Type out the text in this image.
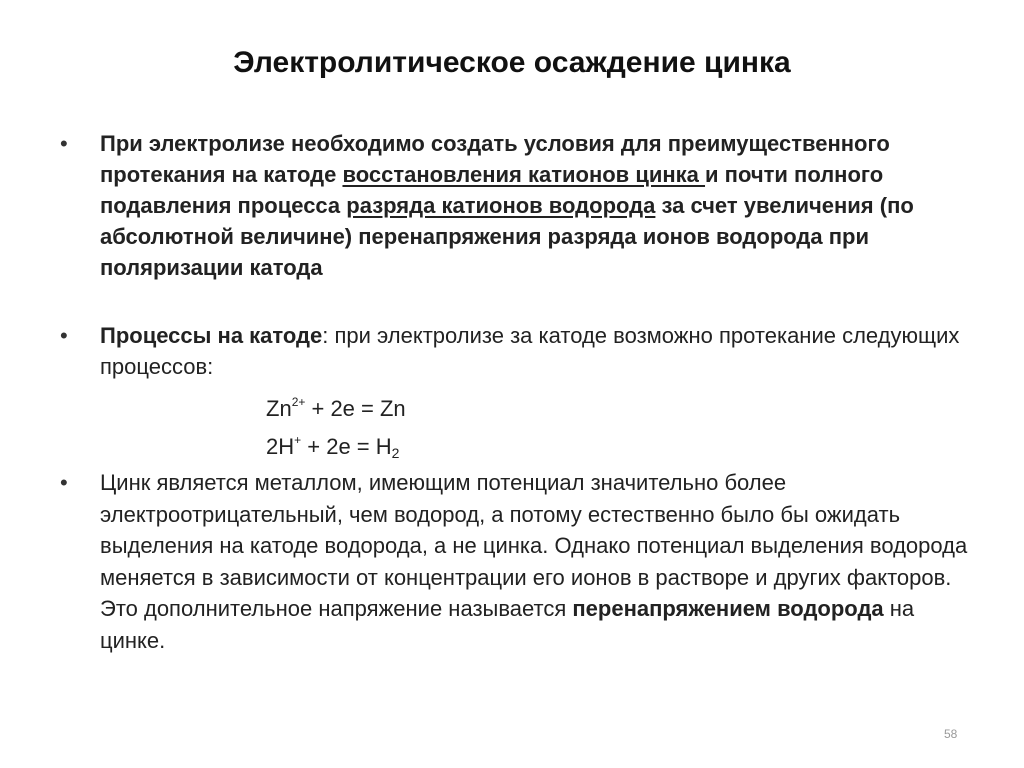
Электролитическое осаждение цинка
• При электролизе необходимо создать условия для преимущественного протекания на катоде восстановления катионов цинка и почти полного подавления процесса разряда катионов водорода за счет увеличения (по абсолютной величине) перенапряжения разряда ионов водорода при поляризации катода
• Процессы на катоде: при электролизе за катоде возможно протекание следующих процессов:
$Zn^{2+} + 2e = Zn$
$2H^+ + 2e = H_2$
• Цинк является металлом, имеющим потенциал значительно более электроотрицательный, чем водород, а потому естественно было бы ожидать выделения на катоде водорода, а не цинка. Однако потенциал выделения водорода меняется в зависимости от концентрации его ионов в растворе и других факторов. Это дополнительное напряжение называется перенапряжением водорода на цинке.
58
